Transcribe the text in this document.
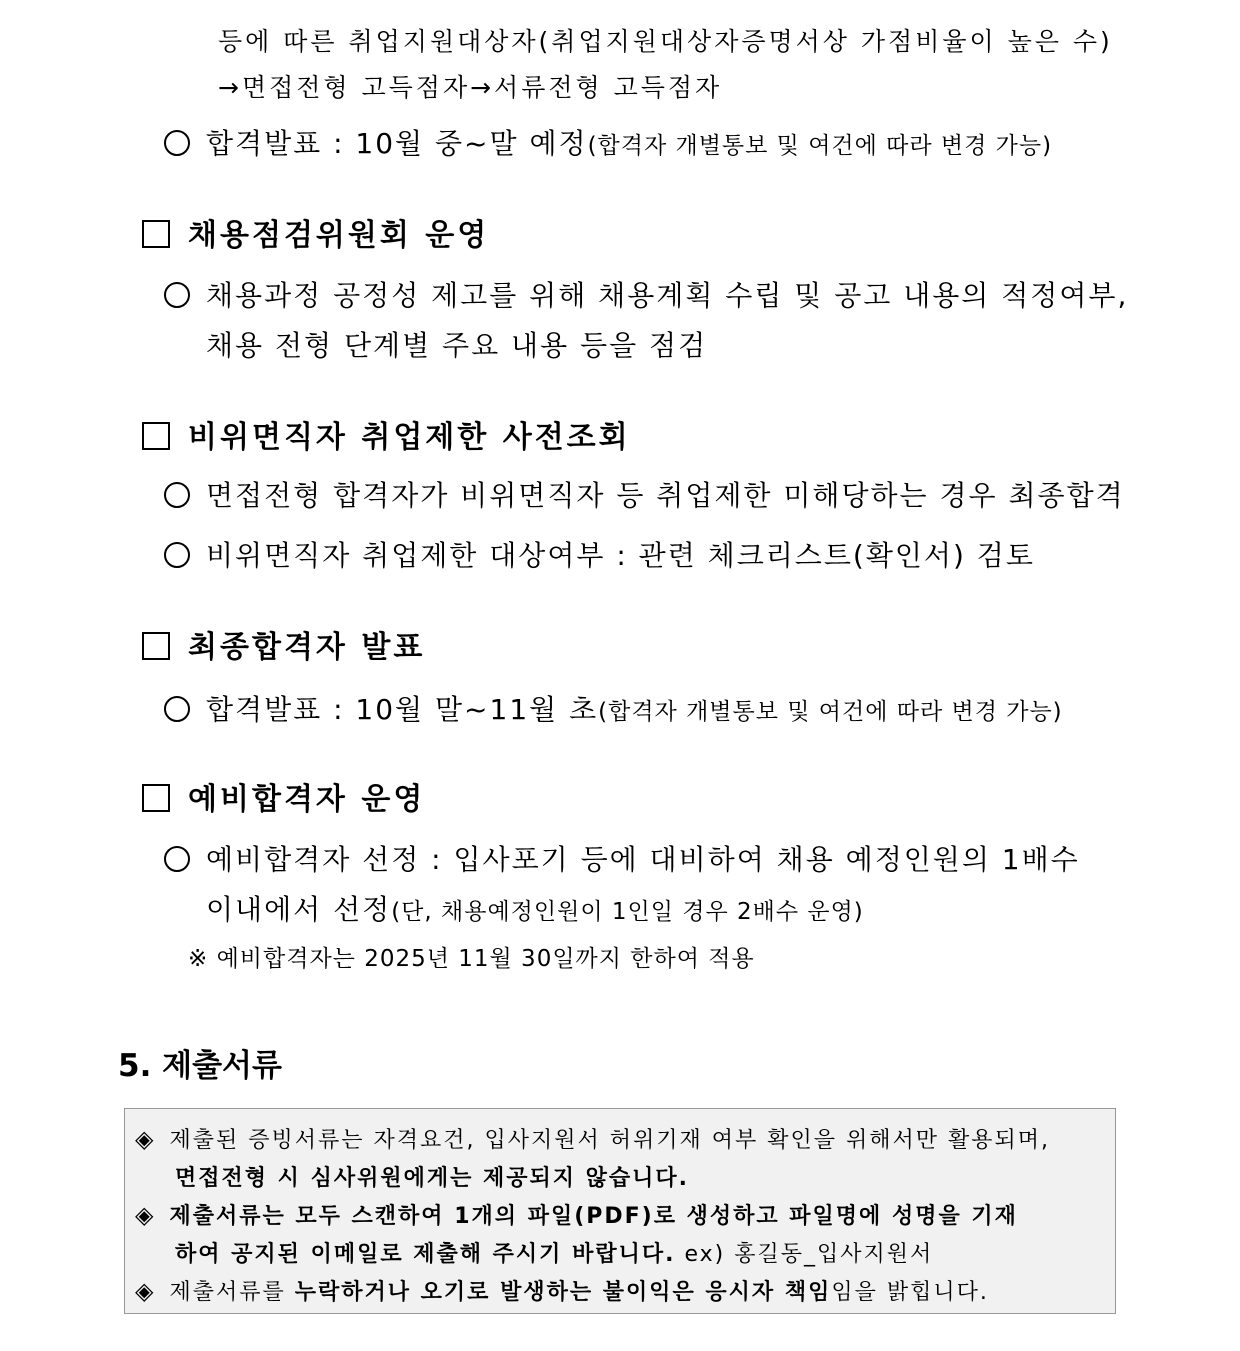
등에 따른 취업지원대상자(취업지원대상자증명서상 가점비율이 높은 수)
→면접전형 고득점자→서류전형 고득점자
합격발표 : 10월 중~말 예정(합격자 개별통보 및 여건에 따라 변경 가능)
채용점검위원회 운영
채용과정 공정성 제고를 위해 채용계획 수립 및 공고 내용의 적정여부,
채용 전형 단계별 주요 내용 등을 점검
비위면직자 취업제한 사전조회
면접전형 합격자가 비위면직자 등 취업제한 미해당하는 경우 최종합격
비위면직자 취업제한 대상여부 : 관련 체크리스트(확인서) 검토
최종합격자 발표
합격발표 : 10월 말~11월 초(합격자 개별통보 및 여건에 따라 변경 가능)
예비합격자 운영
예비합격자 선정 : 입사포기 등에 대비하여 채용 예정인원의 1배수
이내에서 선정(단, 채용예정인원이 1인일 경우 2배수 운영)
※ 예비합격자는 2025년 11월 30일까지 한하여 적용
5. 제출서류
◈ 제출된 증빙서류는 자격요건, 입사지원서 허위기재 여부 확인을 위해서만 활용되며,
면접전형 시 심사위원에게는 제공되지 않습니다.
◈ 제출서류는 모두 스캔하여 1개의 파일(PDF)로 생성하고 파일명에 성명을 기재
하여 공지된 이메일로 제출해 주시기 바랍니다. ex) 홍길동_입사지원서
◈ 제출서류를 누락하거나 오기로 발생하는 불이익은 응시자 책임임을 밝힙니다.
